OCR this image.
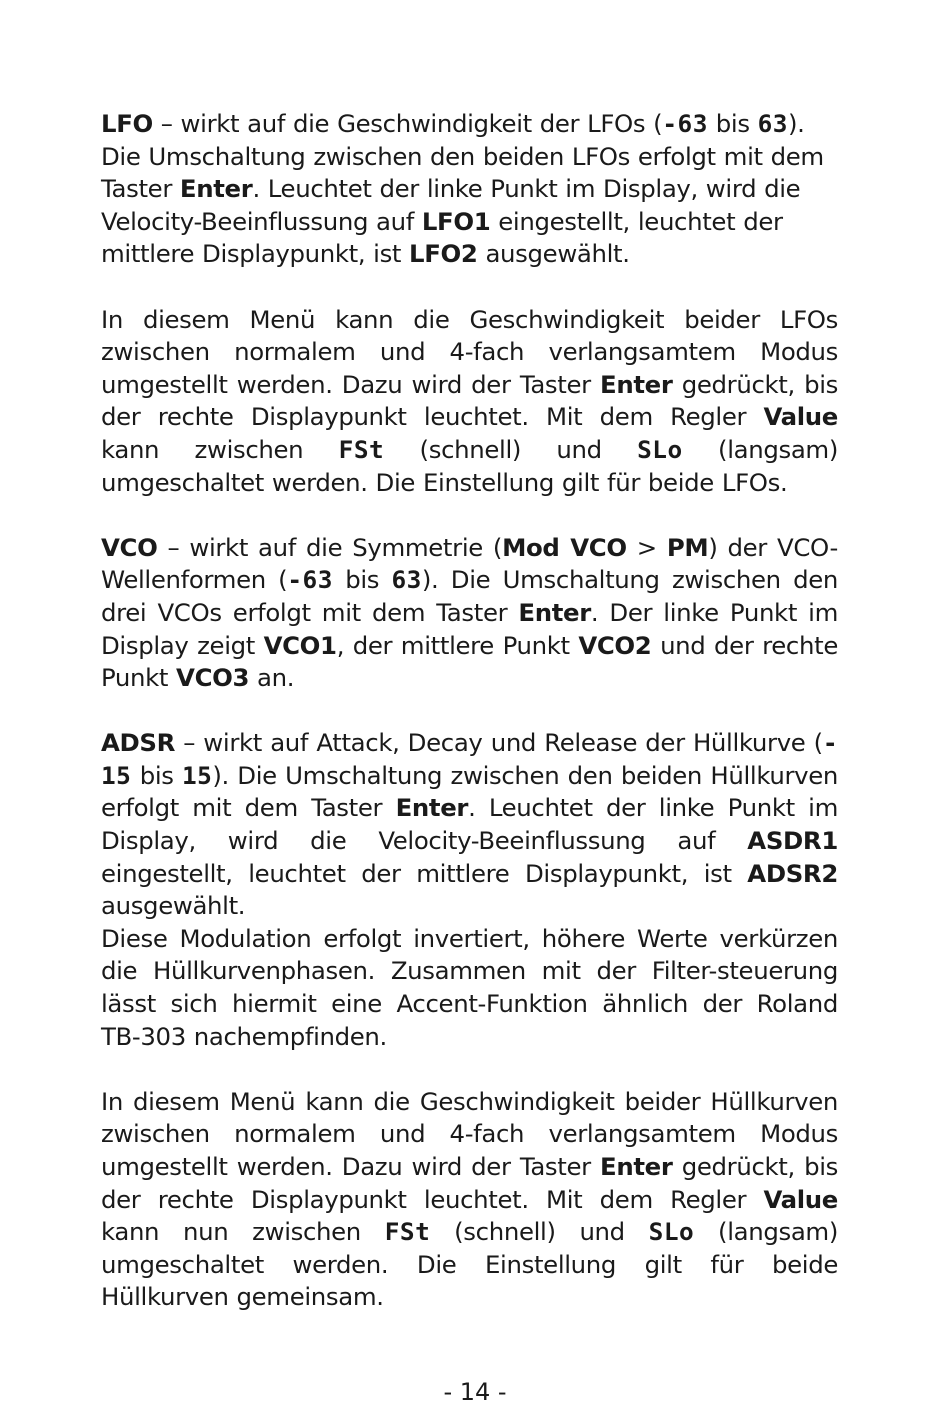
LFO – wirkt auf die Geschwindigkeit der LFOs (-63 bis 63). Die Umschaltung zwischen den beiden LFOs erfolgt mit dem Taster Enter. Leuchtet der linke Punkt im Display, wird die Velocity-Beeinflussung auf LFO1 eingestellt, leuchtet der mittlere Displaypunkt, ist LFO2 ausgewählt.

In diesem Menü kann die Geschwindigkeit beider LFOs zwischen normalem und 4-fach verlangsamtem Modus umgestellt werden. Dazu wird der Taster Enter gedrückt, bis der rechte Displaypunkt leuchtet. Mit dem Regler Value kann zwischen FSt (schnell) und SLo (langsam) umgeschaltet werden. Die Einstellung gilt für beide LFOs.

VCO – wirkt auf die Symmetrie (Mod VCO > PM) der VCO-Wellenformen (-63 bis 63). Die Umschaltung zwischen den drei VCOs erfolgt mit dem Taster Enter. Der linke Punkt im Display zeigt VCO1, der mittlere Punkt VCO2 und der rechte Punkt VCO3 an.

ADSR – wirkt auf Attack, Decay und Release der Hüllkurve (- 15 bis 15). Die Umschaltung zwischen den beiden Hüllkurven erfolgt mit dem Taster Enter. Leuchtet der linke Punkt im Display, wird die Velocity-Beeinflussung auf ASDR1 eingestellt, leuchtet der mittlere Displaypunkt, ist ADSR2 ausgewählt.

Diese Modulation erfolgt invertiert, höhere Werte verkürzen die Hüllkurvenphasen. Zusammen mit der Filter-steuerung lässt sich hiermit eine Accent-Funktion ähnlich der Roland TB-303 nachempfinden.

In diesem Menü kann die Geschwindigkeit beider Hüllkurven zwischen normalem und 4-fach verlangsamtem Modus umgestellt werden. Dazu wird der Taster Enter gedrückt, bis der rechte Displaypunkt leuchtet. Mit dem Regler Value kann nun zwischen FSt (schnell) und SLo (langsam) umgeschaltet werden. Die Einstellung gilt für beide Hüllkurven gemeinsam.

- 14 -
